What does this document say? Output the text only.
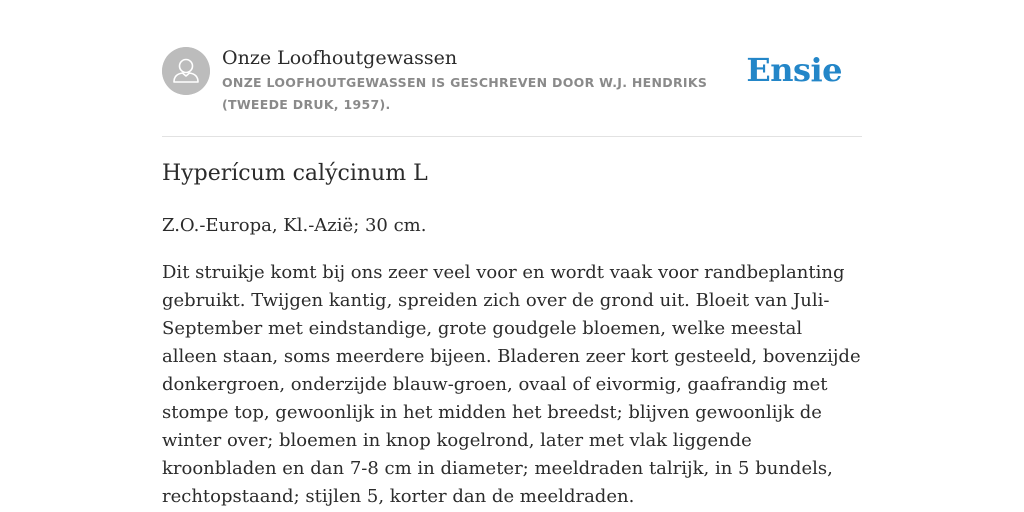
Onze Loofhoutgewassen
ONZE LOOFHOUTGEWASSEN IS GESCHREVEN DOOR W.J. HENDRIKS (TWEEDE DRUK, 1957).
Ensie
Hyperícum calýcinum L

Z.O.-Europa, Kl.-Azië; 30 cm.

Dit struikje komt bij ons zeer veel voor en wordt vaak voor randbeplanting gebruikt. Twijgen kantig, spreiden zich over de grond uit. Bloeit van Juli-September met eindstandige, grote goudgele bloemen, welke meestal alleen staan, soms meerdere bijeen. Bladeren zeer kort gesteeld, bovenzijde donkergroen, onderzijde blauw-groen, ovaal of eivormig, gaafrandig met stompe top, gewoonlijk in het midden het breedst; blijven gewoonlijk de winter over; bloemen in knop kogelrond, later met vlak liggende kroonbladen en dan 7-8 cm in diameter; meeldraden talrijk, in 5 bundels, rechtopstaand; stijlen 5, korter dan de meeldraden.
